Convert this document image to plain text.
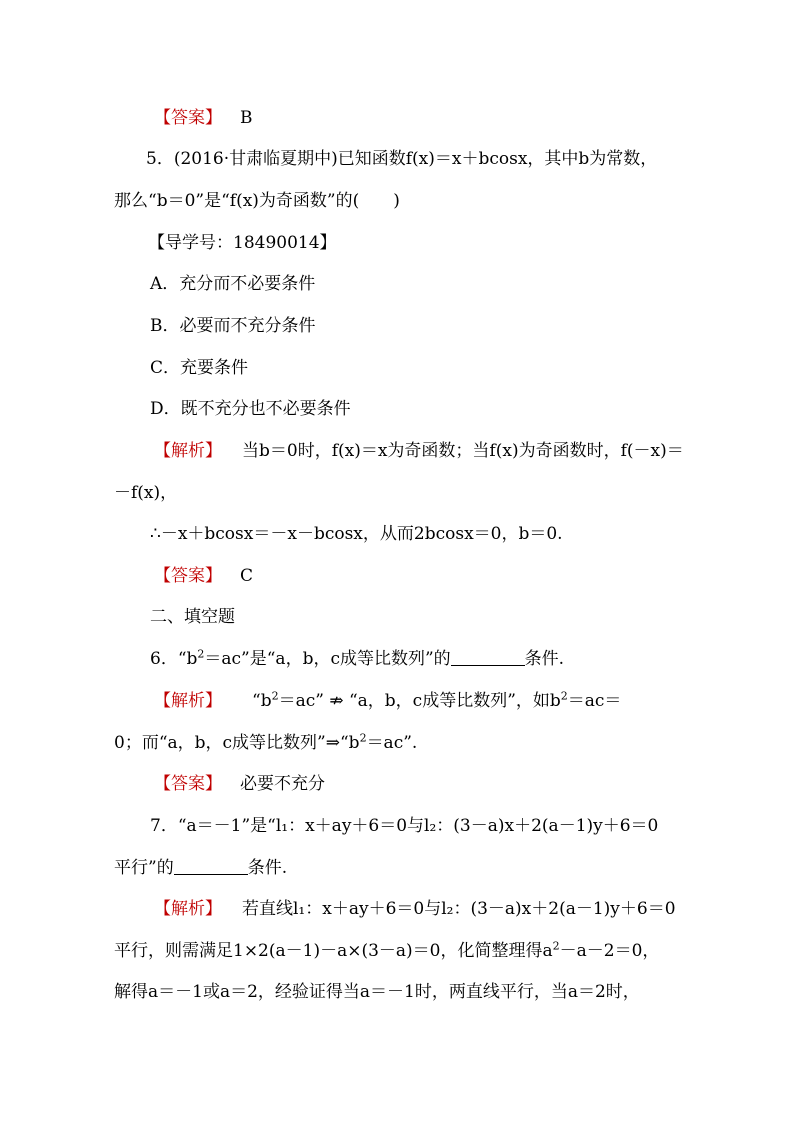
【答案】 B
5．(2016·甘肃临夏期中)已知函数f(x)＝x＋bcosx，其中b为常数，
那么“b＝0”是“f(x)为奇函数”的(　　)
【导学号：18490014】
A．充分而不必要条件
B．必要而不充分条件
C．充要条件
D．既不充分也不必要条件
【解析】 当b＝0时，f(x)＝x为奇函数；当f(x)为奇函数时，f(－x)＝
－f(x)，
∴－x＋bcosx＝－x－bcosx，从而2bcosx＝0，b＝0.
【答案】 C
二、填空题
6．“$b^2=ac$”是“a，b，c成等比数列”的	条件.
【解析】 “$b^2=ac$” ⇏ “a，b，c成等比数列”，如$b^2=ac=$
0；而“a，b，c成等比数列$”\Rightarrow“b^2=ac$”.
【答案】 必要不充分
7．“a＝－1”是“l₁：x＋ay＋6＝0与l₂：(3－a)x＋2(a－1)y＋6＝0
平行”的	条件.
【解析】 若直线l₁：x＋ay＋6＝0与l₂：(3－a)x＋2(a－1)y＋6＝0
平行，则需满足1×2(a－1)－a×(3－a)＝0，化简整理得$a^2-a-2=0$，
解得a＝－1或a＝2，经验证得当a＝－1时，两直线平行，当a＝2时，
